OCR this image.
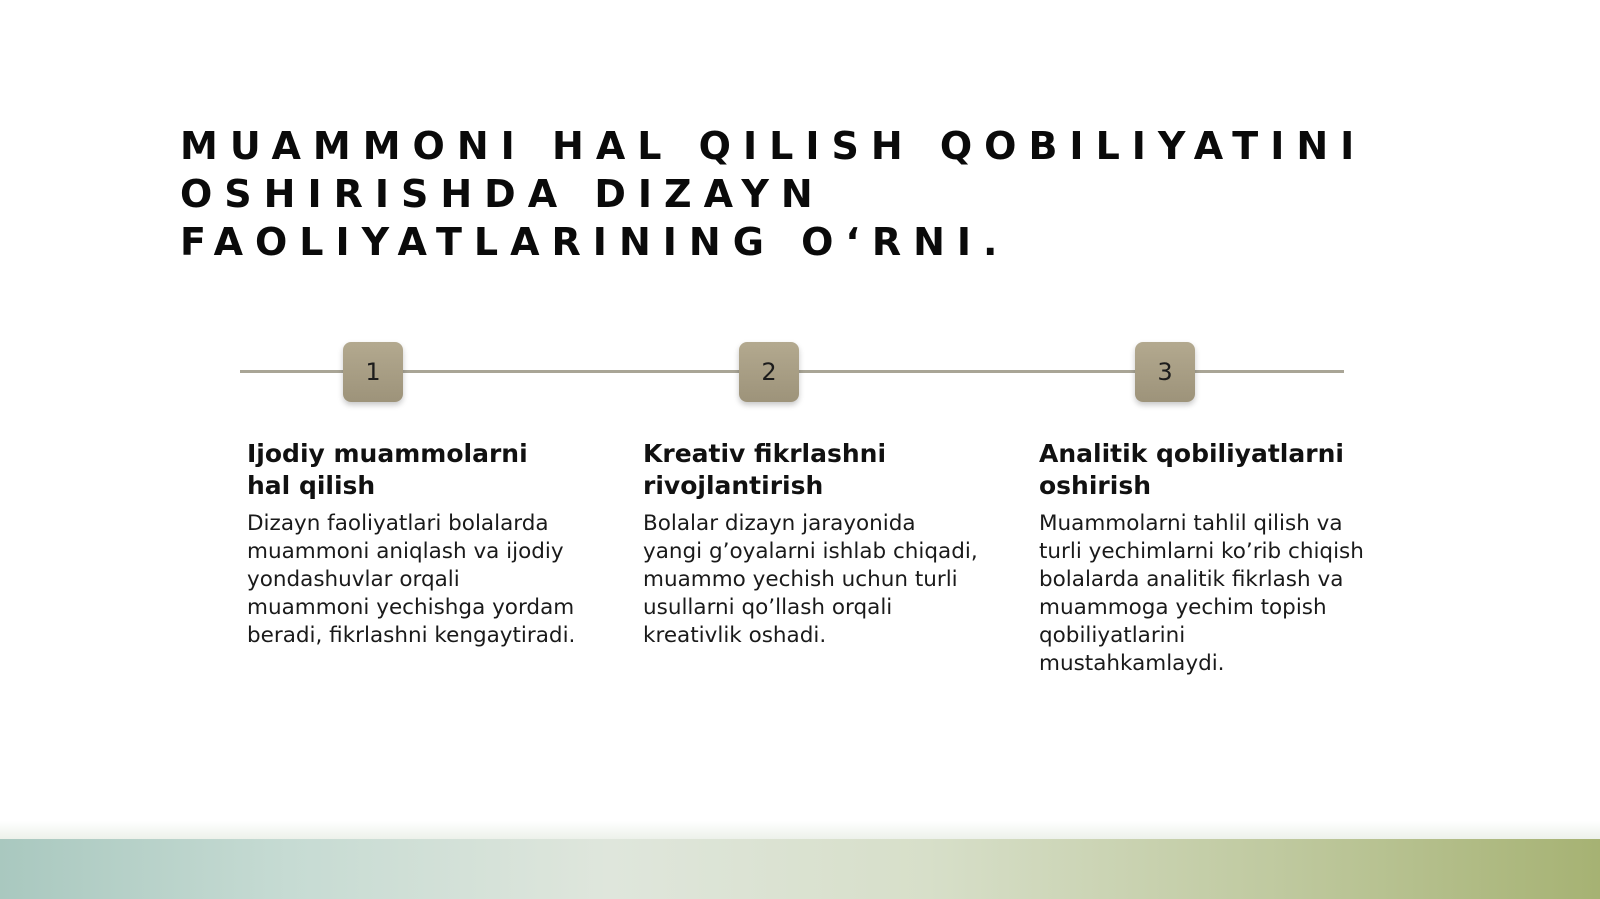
MUAMMONI HAL QILISH QOBILIYATINI OSHIRISHDA DIZAYN FAOLIYATLARINING O‘RNI.
1	2	3
Ijodiy muammolarni
hal qilish

Dizayn faoliyatlari bolalarda
muammoni aniqlash va ijodiy
yondashuvlar orqali
muammoni yechishga yordam
beradi, fikrlashni kengaytiradi.

Kreativ fikrlashni
rivojlantirish

Bolalar dizayn jarayonida
yangi g’oyalarni ishlab chiqadi,
muammo yechish uchun turli
usullarni qo’llash orqali
kreativlik oshadi.

Analitik qobiliyatlarni
oshirish

Muammolarni tahlil qilish va
turli yechimlarni ko’rib chiqish
bolalarda analitik fikrlash va
muammoga yechim topish
qobiliyatlarini
mustahkamlaydi.
